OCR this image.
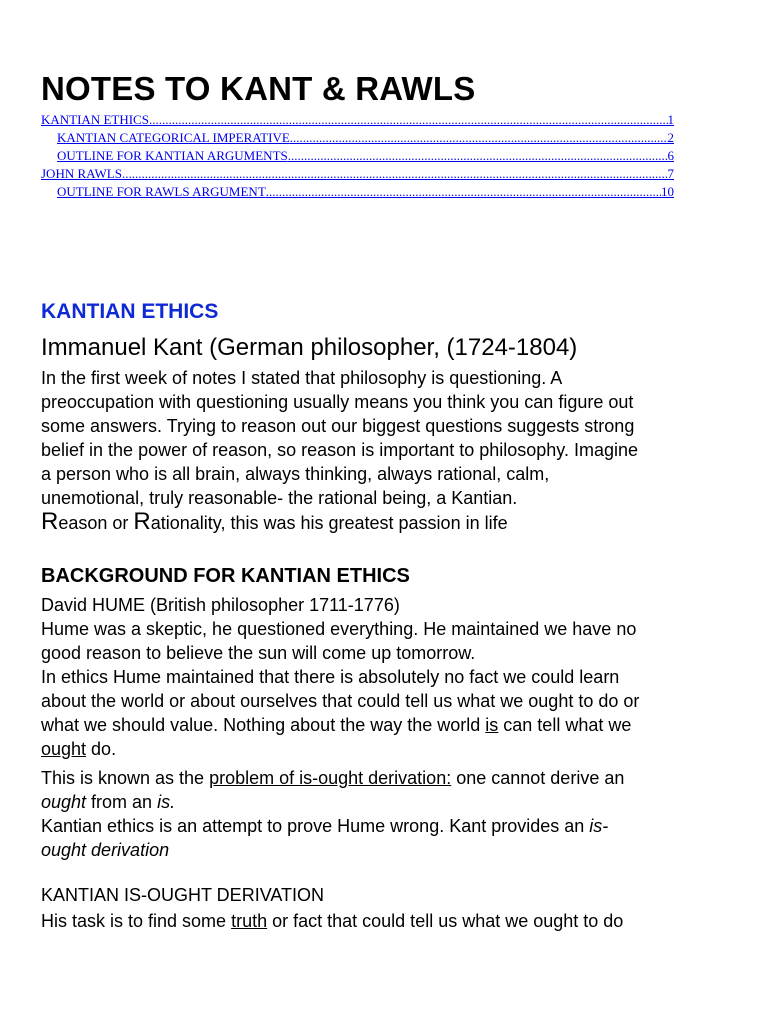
NOTES TO KANT & RAWLS
KANTIAN ETHICS .....	1
KANTIAN CATEGORICAL IMPERATIVE .....	2
OUTLINE FOR KANTIAN ARGUMENTS .....	6
JOHN RAWLS .....	7
OUTLINE FOR RAWLS ARGUMENT .....	10
KANTIAN ETHICS
Immanuel Kant (German philosopher, (1724-1804)
In the first week of notes I stated that philosophy is questioning. A
preoccupation with questioning usually means you think you can figure out
some answers. Trying to reason out our biggest questions suggests strong
belief in the power of reason, so reason is important to philosophy. Imagine
a person who is all brain, always thinking, always rational, calm,
unemotional, truly reasonable- the rational being, a Kantian.
Reason or Rationality, this was his greatest passion in life
BACKGROUND FOR KANTIAN ETHICS
David HUME (British philosopher 1711-1776)
Hume was a skeptic, he questioned everything. He maintained we have no
good reason to believe the sun will come up tomorrow.
In ethics Hume maintained that there is absolutely no fact we could learn
about the world or about ourselves that could tell us what we ought to do or
what we should value. Nothing about the way the world is can tell what we
ought do.
This is known as the problem of is-ought derivation: one cannot derive an
ought from an is.
Kantian ethics is an attempt to prove Hume wrong. Kant provides an is-
ought derivation
KANTIAN IS-OUGHT DERIVATION
His task is to find some truth or fact that could tell us what we ought to do
